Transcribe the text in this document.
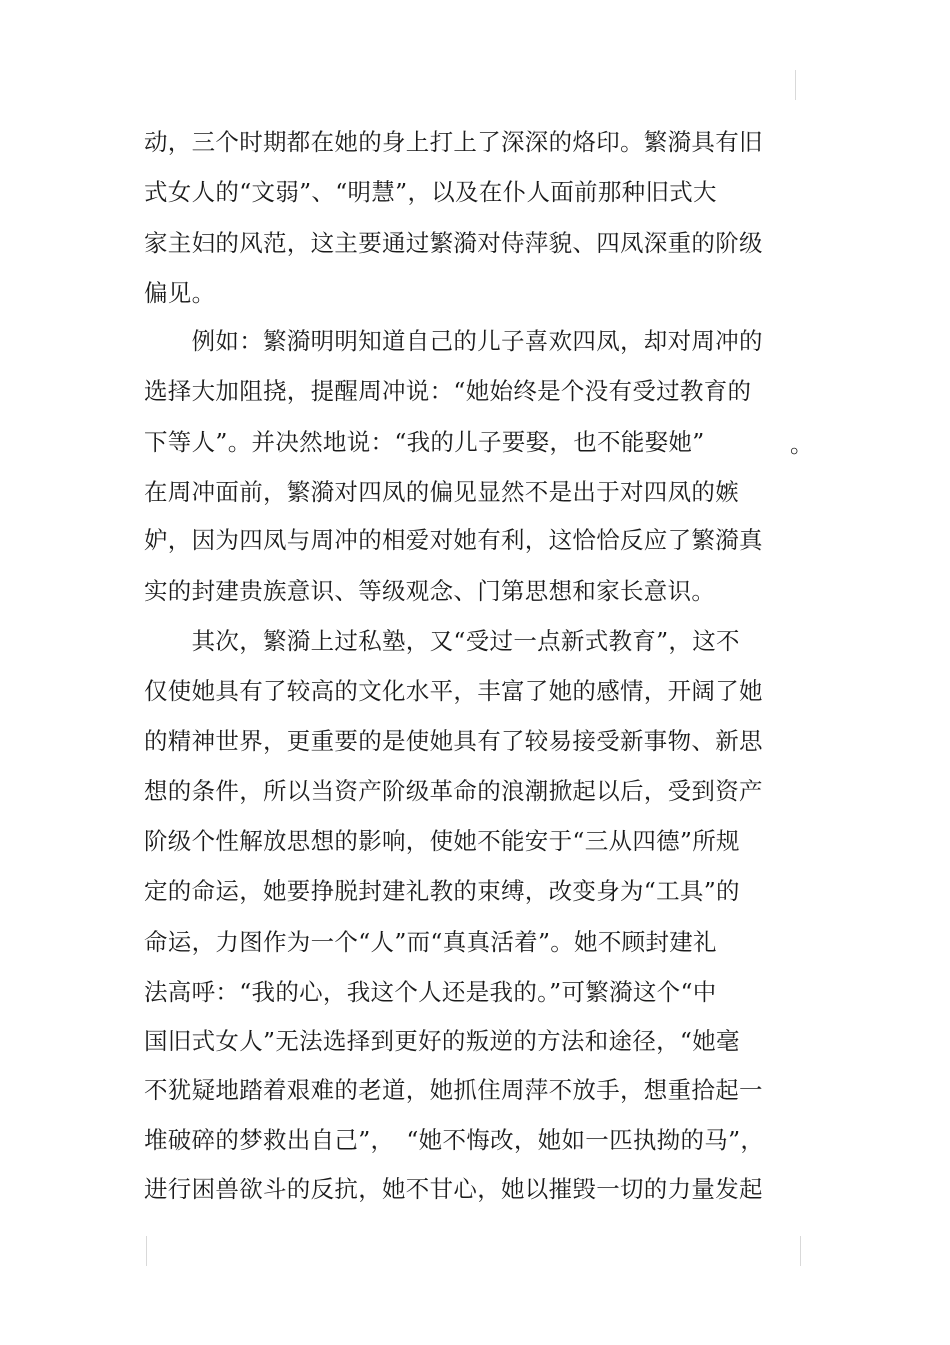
动，三个时期都在她的身上打上了深深的烙印。繁漪具有旧
式女人的“文弱”、“明慧”，以及在仆人面前那种旧式大
家主妇的风范，这主要通过繁漪对侍萍貌、四凤深重的阶级
偏见。
　　例如：繁漪明明知道自己的儿子喜欢四凤，却对周冲的
选择大加阻挠，提醒周冲说：“她始终是个没有受过教育的
下等人”。并决然地说：“我的儿子要娶，也不能娶她”	。
在周冲面前，繁漪对四凤的偏见显然不是出于对四凤的嫉
妒，因为四凤与周冲的相爱对她有利，这恰恰反应了繁漪真
实的封建贵族意识、等级观念、门第思想和家长意识。
　　其次，繁漪上过私塾，又“受过一点新式教育”，这不
仅使她具有了较高的文化水平，丰富了她的感情，开阔了她
的精神世界，更重要的是使她具有了较易接受新事物、新思
想的条件，所以当资产阶级革命的浪潮掀起以后，受到资产
阶级个性解放思想的影响，使她不能安于“三从四德”所规
定的命运，她要挣脱封建礼教的束缚，改变身为“工具”的
命运，力图作为一个“人”而“真真活着”。她不顾封建礼
法高呼：“我的心，我这个人还是我的。”可繁漪这个“中
国旧式女人”无法选择到更好的叛逆的方法和途径，“她毫
不犹疑地踏着艰难的老道，她抓住周萍不放手，想重拾起一
堆破碎的梦救出自己”，　“她不悔改，她如一匹执拗的马”，
进行困兽欲斗的反抗，她不甘心，她以摧毁一切的力量发起
